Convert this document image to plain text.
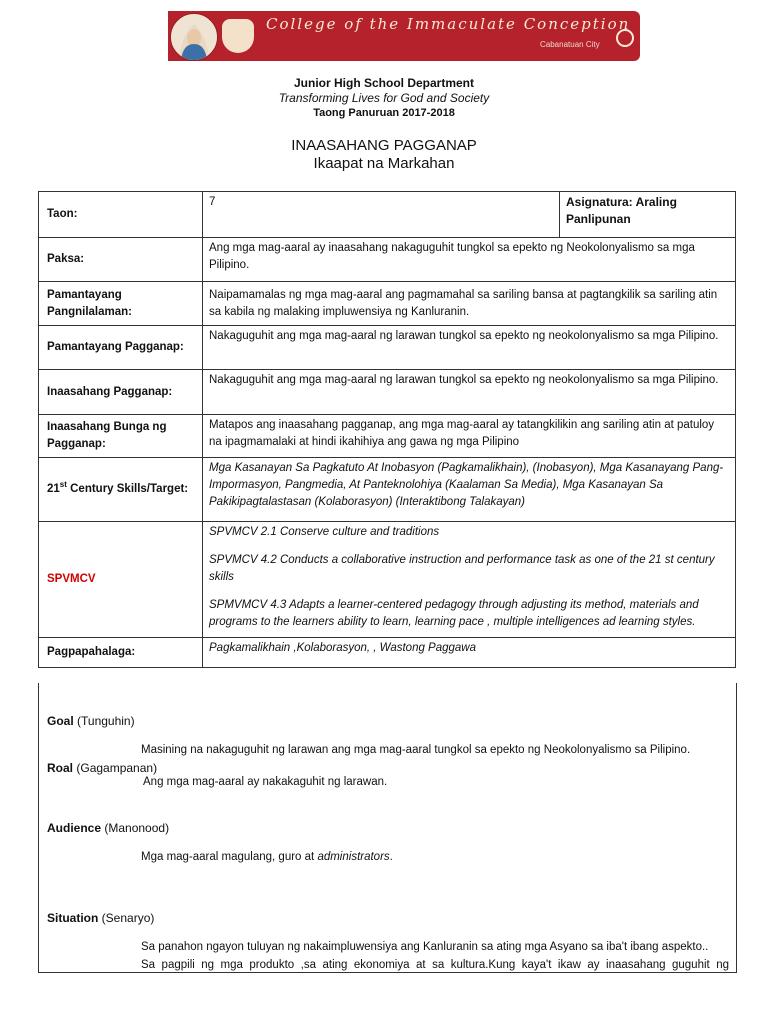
College of the Immaculate Conception
Cabanatuan City
Junior High School Department
Transforming Lives for God and Society
Taong Panuruan 2017-2018
INAASAHANG PAGGANAP
Ikaapat na Markahan
Taon:	7	Asignatura: Araling Panlipunan
Paksa:	Ang mga mag-aaral ay inaasahang nakaguguhit tungkol sa epekto ng Neokolonyalismo sa mga Pilipino.	
Pamantayang Pangnilalaman:	Naipamamalas ng mga mag-aaral ang pagmamahal sa sariling bansa at pagtangkilik sa sariling atin sa kabila ng malaking impluwensiya ng Kanluranin.	
Pamantayang Pagganap:	Nakaguguhit ang mga mag-aaral ng larawan tungkol sa epekto ng neokolonyalismo sa mga Pilipino.	
Inaasahang Pagganap:	Nakaguguhit ang mga mag-aaral ng larawan tungkol sa epekto ng neokolonyalismo sa mga Pilipino.	
Inaasahang Bunga ng Pagganap:	Matapos ang inaasahang pagganap, ang mga mag-aaral ay tatangkilikin ang sariling atin at patuloy na ipagmamalaki at hindi ikahihiya ang gawa ng mga Pilipino	
21st Century Skills/Target:	Mga Kasanayan Sa Pagkatuto At Inobasyon (Pagkamalikhain), (Inobasyon), Mga Kasanayang Pang-Impormasyon, Pangmedia, At Panteknolohiya (Kaalaman Sa Media), Mga Kasanayan Sa Pakikipagtalastasan (Kolaborasyon) (Interaktibong Talakayan)	
SPVMCV	SPVMCV 2.1 Conserve culture and traditions

SPVMCV 4.2 Conducts a collaborative instruction and performance task as one of the 21 st century skills

SPMVMCV 4.3 Adapts a learner-centered pedagogy through adjusting its method, materials and programs to the learners ability to learn, learning pace , multiple intelligences ad learning styles.	

Pagpapahalaga:	Pagkamalikhain ,Kolaborasyon, , Wastong Paggawa	
Goal (Tunguhin)
Masining na nakaguguhit ng larawan ang mga mag-aaral tungkol sa epekto ng Neokolonyalismo sa Pilipino.
Roal (Gagampanan)
Ang mga mag-aaral ay nakakaguhit ng larawan.
Audience (Manonood)
Mga mag-aaral magulang, guro at administrators.
Situation (Senaryo)
Sa panahon ngayon tuluyan ng nakaimpluwensiya ang Kanluranin sa ating mga Asyano sa iba't ibang aspekto..
Sa pagpili ng mga produkto ,sa ating ekonomiya at sa kultura.Kung kaya't ikaw ay inaasahang guguhit ng
